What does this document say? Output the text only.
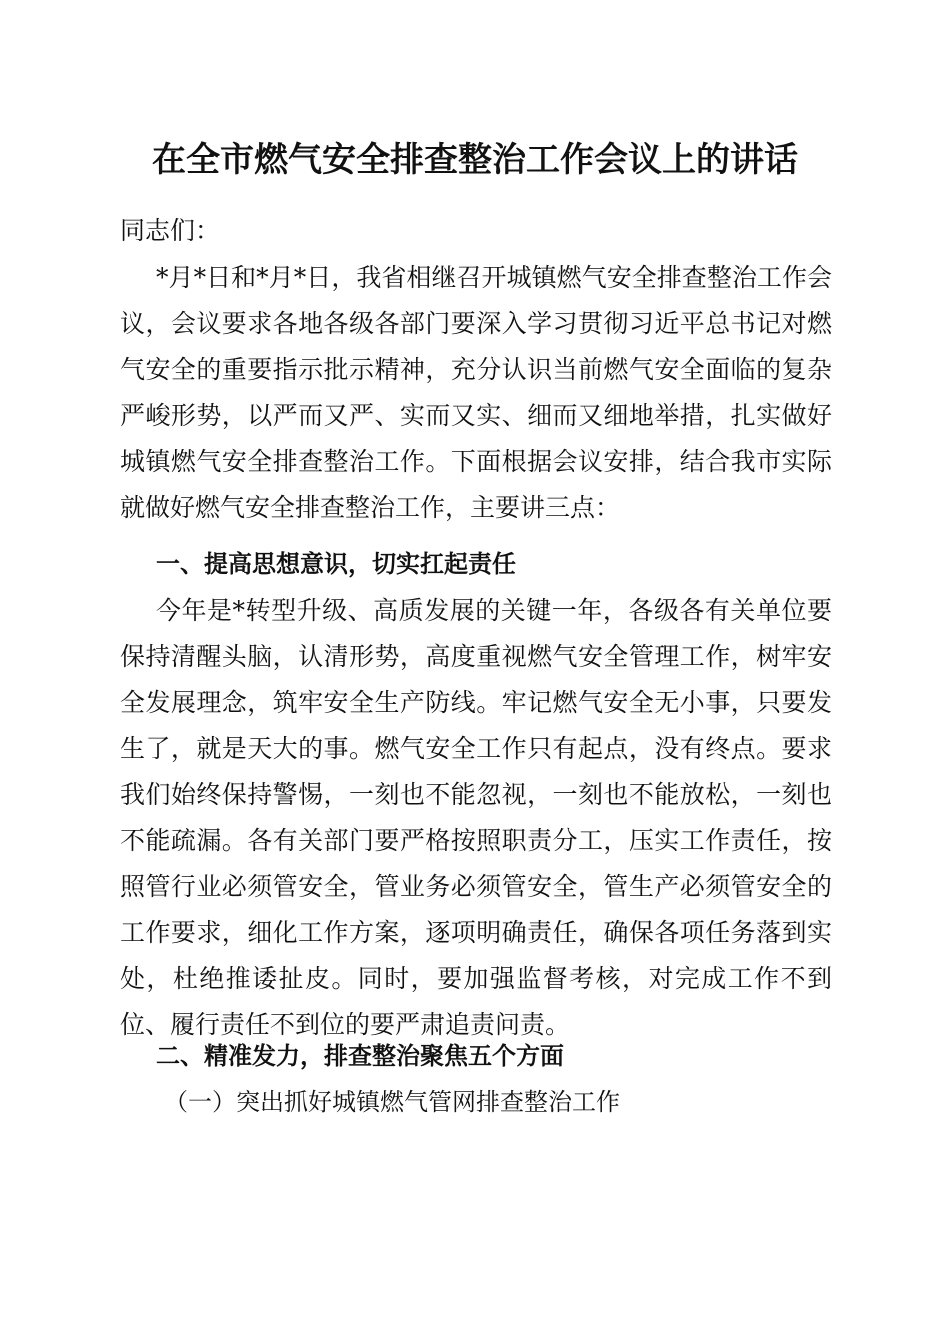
在全市燃气安全排查整治工作会议上的讲话

同志们：

*月*日和*月*日，我省相继召开城镇燃气安全排查整治工作会议，会议要求各地各级各部门要深入学习贯彻习近平总书记对燃气安全的重要指示批示精神，充分认识当前燃气安全面临的复杂严峻形势，以严而又严、实而又实、细而又细地举措，扎实做好城镇燃气安全排查整治工作。下面根据会议安排，结合我市实际就做好燃气安全排查整治工作，主要讲三点：

一、提高思想意识，切实扛起责任

今年是*转型升级、高质发展的关键一年，各级各有关单位要保持清醒头脑，认清形势，高度重视燃气安全管理工作，树牢安全发展理念，筑牢安全生产防线。牢记燃气安全无小事，只要发生了，就是天大的事。燃气安全工作只有起点，没有终点。要求我们始终保持警惕，一刻也不能忽视，一刻也不能放松，一刻也不能疏漏。各有关部门要严格按照职责分工，压实工作责任，按照管行业必须管安全，管业务必须管安全，管生产必须管安全的工作要求，细化工作方案，逐项明确责任，确保各项任务落到实处，杜绝推诿扯皮。同时，要加强监督考核，对完成工作不到位、履行责任不到位的要严肃追责问责。

二、精准发力，排查整治聚焦五个方面

（一）突出抓好城镇燃气管网排查整治工作
